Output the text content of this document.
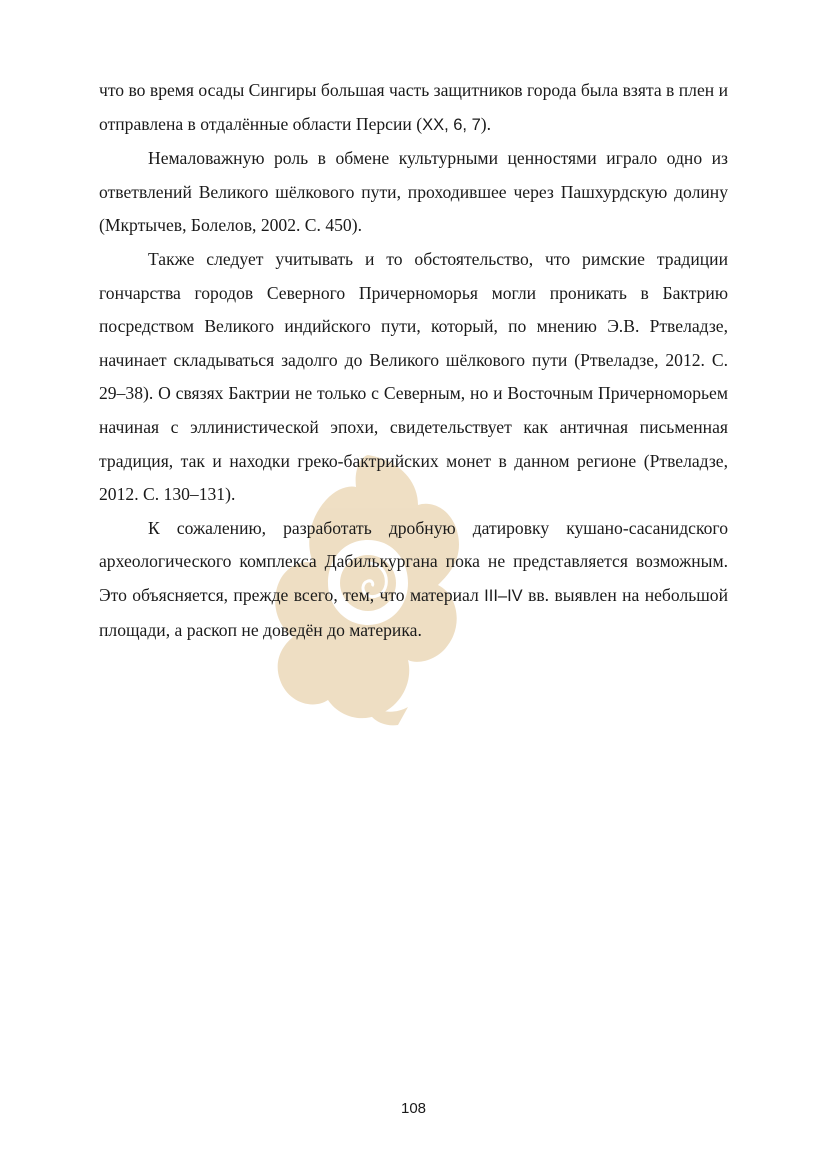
что во время осады Сингиры большая часть защитников города была взята в плен и отправлена в отдалённые области Персии (XX, 6, 7).

Немаловажную роль в обмене культурными ценностями играло одно из ответвлений Великого шёлкового пути, проходившее через Пашхурдскую долину (Мкртычев, Болелов, 2002. С. 450).

Также следует учитывать и то обстоятельство, что римские традиции гончарства городов Северного Причерноморья могли проникать в Бактрию посредством Великого индийского пути, который, по мнению Э.В. Ртвеладзе, начинает складываться задолго до Великого шёлкового пути (Ртвеладзе, 2012. С. 29–38). О связях Бактрии не только с Северным, но и Восточным Причерноморьем начиная с эллинистической эпохи, свидетельствует как античная письменная традиция, так и находки греко‑бактрийских монет в данном регионе (Ртвеладзе, 2012. С. 130–131).

К сожалению, разработать дробную датировку кушано‑сасанидского археологического комплекса Дабилькургана пока не представляется возможным. Это объясняется, прежде всего, тем, что материал III–IV вв. выявлен на небольшой площади, а раскоп не доведён до материка.

108
